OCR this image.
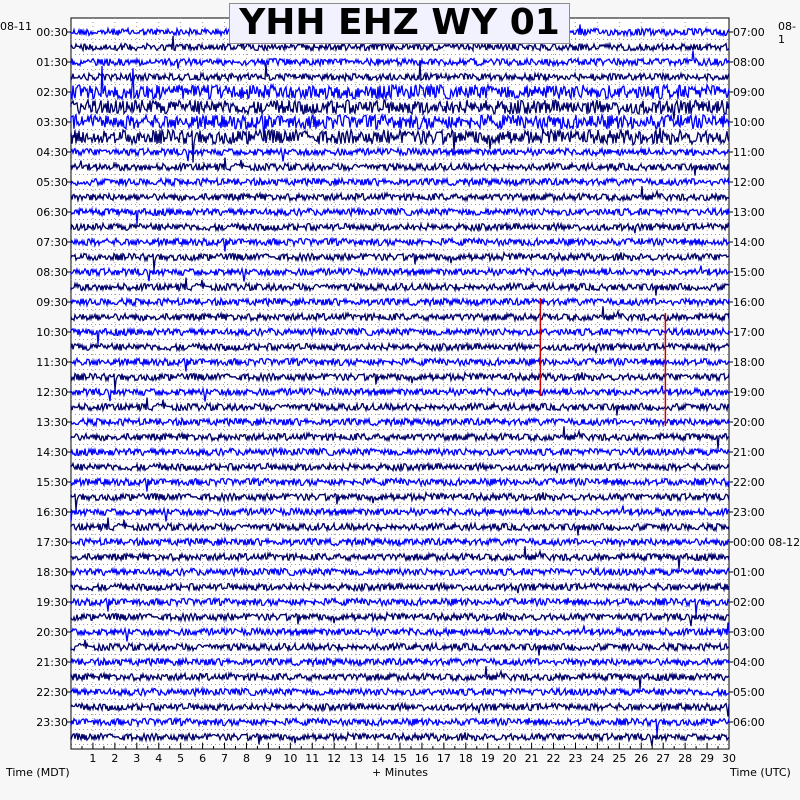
1 2 3 4 5 6 7 8 9 10 11 12 13 14 15 16 17 18 19 20 21 22 23 24 25 26 27 28 29 30
00:30
01:30
02:30
03:30
04:30
05:30
06:30
07:30
08:30
09:30
10:30
11:30
12:30
13:30
14:30
15:30
16:30
17:30
18:30
19:30
20:30
21:30
22:30
23:30
07:00
08:00
09:00
10:00
11:00
12:00
13:00
14:00
15:00
16:00
17:00
18:00
19:00
20:00
21:00
22:00
23:00
00:00 08-12
01:00
02:00
03:00
04:00
05:00
06:00
YHH EHZ WY 01
08-11	08-1
Time (MDT)	+ Minutes	Time (UTC)
